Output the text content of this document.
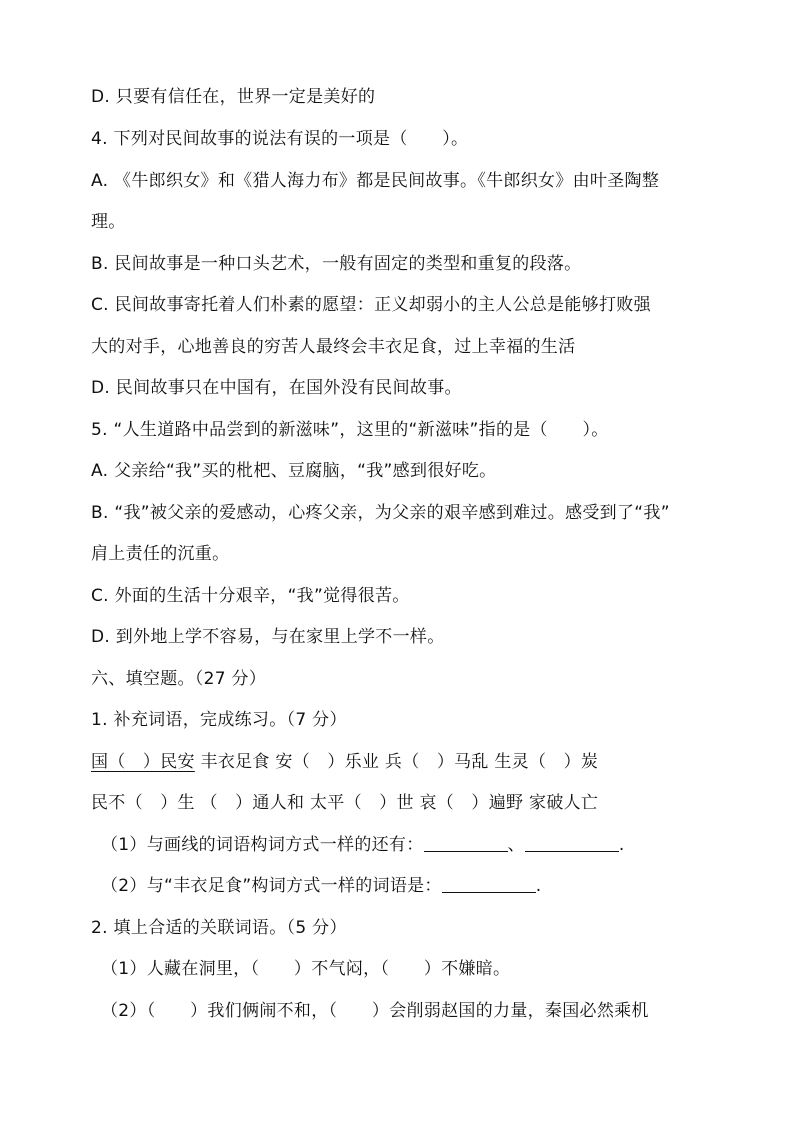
D. 只要有信任在，世界一定是美好的
4. 下列对民间故事的说法有误的一项是（　　）。
A. 《牛郎织女》和《猎人海力布》都是民间故事。《牛郎织女》由叶圣陶整
理。
B. 民间故事是一种口头艺术，一般有固定的类型和重复的段落。
C. 民间故事寄托着人们朴素的愿望：正义却弱小的主人公总是能够打败强
大的对手，心地善良的穷苦人最终会丰衣足食，过上幸福的生活
D. 民间故事只在中国有，在国外没有民间故事。
5. “人生道路中品尝到的新滋味”，这里的“新滋味”指的是（　　）。
A. 父亲给“我”买的枇杷、豆腐脑，“我”感到很好吃。
B. “我”被父亲的爱感动，心疼父亲，为父亲的艰辛感到难过。感受到了“我”
肩上责任的沉重。
C. 外面的生活十分艰辛，“我”觉得很苦。
D. 到外地上学不容易，与在家里上学不一样。
六、填空题。（27 分）
1. 补充词语，完成练习。（7 分）
国（　）民安 丰衣足食 安（　）乐业 兵（　）马乱 生灵（　）炭
民不（　）生 （　）通人和 太平（　）世 哀（　）遍野 家破人亡
（1）与画线的词语构词方式一样的还有：	、	.
（2）与“丰衣足食”构词方式一样的词语是：	.
2. 填上合适的关联词语。（5 分）
（1）人藏在洞里，（　　）不气闷，（　　）不嫌暗。
（2）（　　）我们俩闹不和，（　　）会削弱赵国的力量，秦国必然乘机
